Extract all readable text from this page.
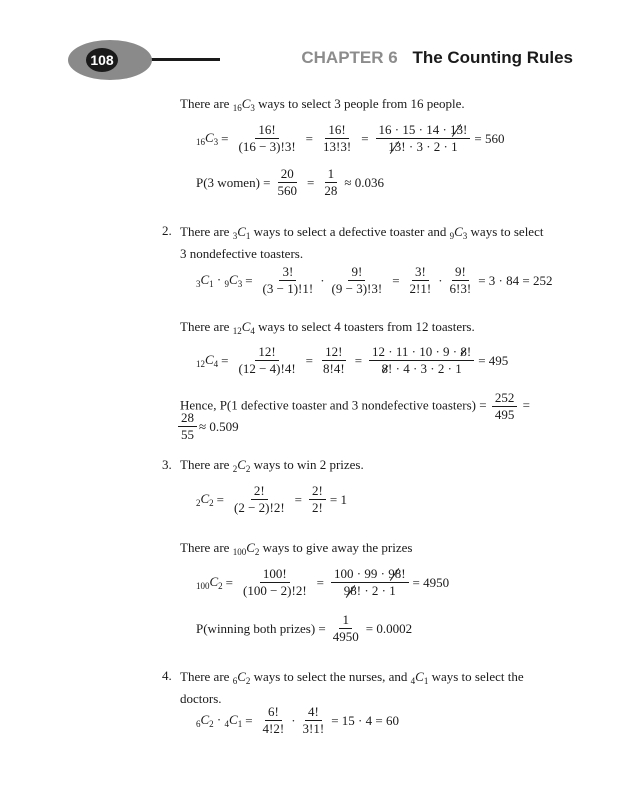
108	CHAPTER 6 The Counting Rules
There are $_{16}C_3$ ways to select 3 people from 16 people.
$_{16}C_3 = \frac{16!}{(16 - 3)!3!} = \frac{16!}{13!3!} = \frac{16 \cdot 15 \cdot 14 \cdot 13!}{13! \cdot 3 \cdot 2 \cdot 1} = 560$
P(3 women) = $\frac{20}{560} = \frac{1}{28} \approx 0.036$
2. There are $_3C_1$ ways to select a defective toaster and $_9C_3$ ways to select
3 nondefective toasters.
$_3C_1 \cdot _9C_3 = \frac{3!}{(3 - 1)!1!} \cdot \frac{9!}{(9 - 3)!3!} = \frac{3!}{2!1!} \cdot \frac{9!}{6!3!} = 3 \cdot 84 = 252$
There are $_{12}C_4$ ways to select 4 toasters from 12 toasters.
$_{12}C_4 = \frac{12!}{(12 - 4)!4!} = \frac{12!}{8!4!} = \frac{12 \cdot 11 \cdot 10 \cdot 9 \cdot 8!}{8! \cdot 4 \cdot 3 \cdot 2 \cdot 1} = 495$
Hence, P(1 defective toaster and 3 nondefective toasters) = $\frac{252}{495}$ =
$\frac{28}{55} \approx 0.509$
3. There are $_2C_2$ ways to win 2 prizes.
$_2C_2 = \frac{2!}{(2 - 2)!2!} = \frac{2!}{2!} = 1$
There are $_{100}C_2$ ways to give away the prizes
$_{100}C_2 = \frac{100!}{(100 - 2)!2!} = \frac{100 \cdot 99 \cdot 98!}{98! \cdot 2 \cdot 1} = 4950$
P(winning both prizes) = $\frac{1}{4950} = 0.0002$
4. There are $_6C_2$ ways to select the nurses, and $_4C_1$ ways to select the
doctors.
$_6C_2 \cdot _4C_1 = \frac{6!}{4!2!} \cdot \frac{4!}{3!1!} = 15 \cdot 4 = 60$
